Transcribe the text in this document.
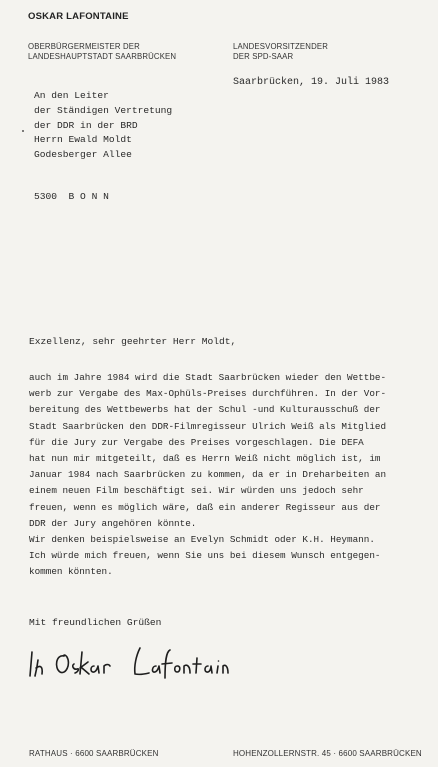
OSKAR LAFONTAINE
OBERBÜRGERMEISTER DER
LANDESHAUPTSTADT SAARBRÜCKEN
LANDESVORSITZENDER
DER SPD-SAAR
Saarbrücken, 19. Juli 1983
An den Leiter
der Ständigen Vertretung
der DDR in der BRD
Herrn Ewald Moldt
Godesberger Allee
5300  B O N N
Exzellenz, sehr geehrter Herr Moldt,
auch im Jahre 1984 wird die Stadt Saarbrücken wieder den Wettbe-
werb zur Vergabe des Max-Ophüls-Preises durchführen. In der Vor-
bereitung des Wettbewerbs hat der Schul -und Kulturausschuß der
Stadt Saarbrücken den DDR-Filmregisseur Ulrich Weiß als Mitglied
für die Jury zur Vergabe des Preises vorgeschlagen. Die DEFA
hat nun mir mitgeteilt, daß es Herrn Weiß nicht möglich ist, im
Januar 1984 nach Saarbrücken zu kommen, da er in Dreharbeiten an
einem neuen Film beschäftigt sei. Wir würden uns jedoch sehr
freuen, wenn es möglich wäre, daß ein anderer Regisseur aus der
DDR der Jury angehören könnte.
Wir denken beispielsweise an Evelyn Schmidt oder K.H. Heymann.
Ich würde mich freuen, wenn Sie uns bei diesem Wunsch entgegen-
kommen könnten.
Mit freundlichen Grüßen
RATHAUS · 6600 SAARBRÜCKEN	HOHENZOLLERNSTR. 45 · 6600 SAARBRÜCKEN
